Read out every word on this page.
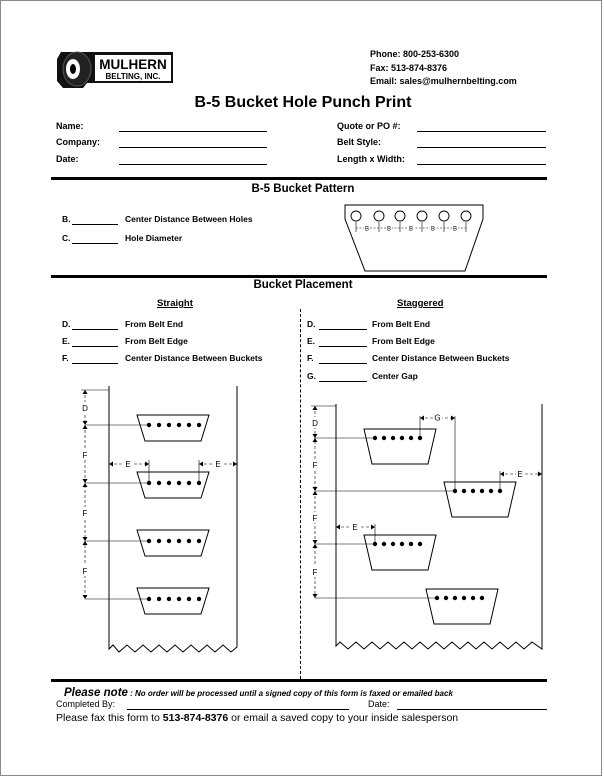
MULHERN
BELTING, INC.
Phone: 800-253-6300
Fax: 513-874-8376
Email: sales@mulhernbelting.com
B-5 Bucket Hole Punch Print
Name:
Company:
Date:
Quote or PO #:
Belt Style:
Length x Width:
B-5 Bucket Pattern
B.	Center Distance Between Holes
C.	Hole Diameter
B	B	B	B	B
Bucket Placement
Straight	Staggered
D.	From Belt End
E.	From Belt Edge
F.	Center Distance Between Buckets
D.	From Belt End
E.	From Belt Edge
F.	Center Distance Between Buckets
G.	Center Gap
D
F
F
F
E	E
D
F
F
F
G
E
E
Please note : No order will be processed until a signed copy of this form is faxed or emailed back
Completed By:	Date:
Please fax this form to 513-874-8376 or email a saved copy to your inside salesperson
